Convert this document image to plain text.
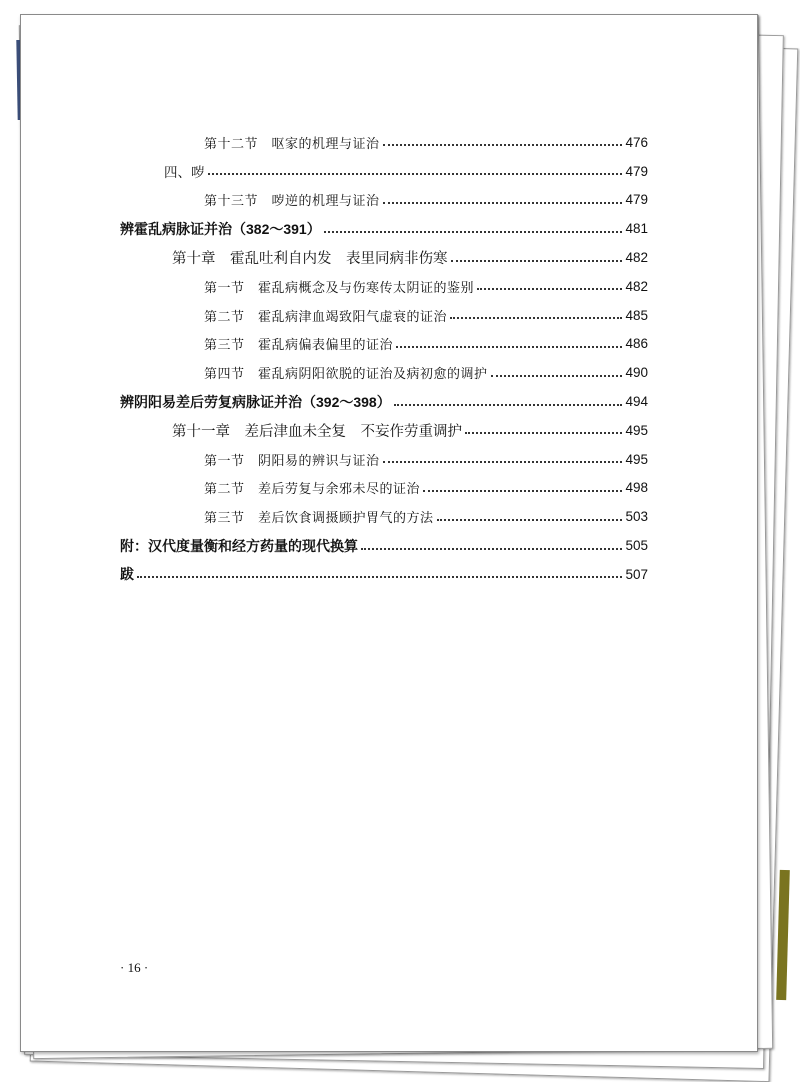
第十二节　呕家的机理与证治	476
四、哕	479
第十三节　哕逆的机理与证治	479
辨霍乱病脉证并治（382～391）	481
第十章　霍乱吐利自内发　表里同病非伤寒	482
第一节　霍乱病概念及与伤寒传太阴证的鉴别	482
第二节　霍乱病津血竭致阳气虚衰的证治	485
第三节　霍乱病偏表偏里的证治	486
第四节　霍乱病阴阳欲脱的证治及病初愈的调护	490
辨阴阳易差后劳复病脉证并治（392～398）	494
第十一章　差后津血未全复　不妄作劳重调护	495
第一节　阴阳易的辨识与证治	495
第二节　差后劳复与余邪未尽的证治	498
第三节　差后饮食调摄顾护胃气的方法	503
附：汉代度量衡和经方药量的现代换算	505
跋	507
· 16 ·
